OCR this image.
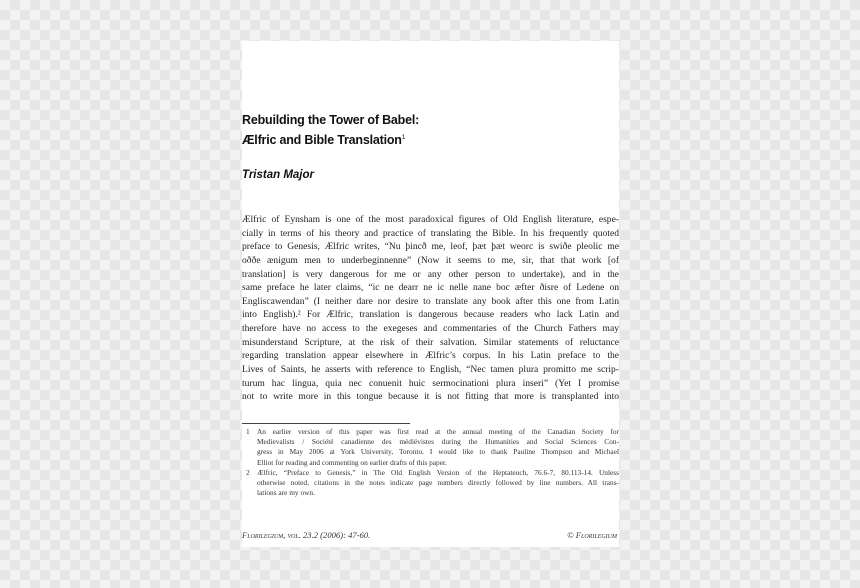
Rebuilding the Tower of Babel:
Ælfric and Bible Translation$^1$
Tristan Major
Ælfric of Eynsham is one of the most paradoxical figures of Old English literature, espe-
cially in terms of his theory and practice of translating the Bible. In his frequently quoted
preface to Genesis, Ælfric writes, “Nu þincð me, leof, þæt þæt weorc is swiðe pleolic me
oððe ænigum men to underbeginnenne” (Now it seems to me, sir, that that work [of
translation] is very dangerous for me or any other person to undertake), and in the
same preface he later claims, “ic ne dearr ne ic nelle nane boc æfter ðisre of Ledene on
Engliscawendan” (I neither dare nor desire to translate any book after this one from Latin
into English).² For Ælfric, translation is dangerous because readers who lack Latin and
therefore have no access to the exegeses and commentaries of the Church Fathers may
misunderstand Scripture, at the risk of their salvation. Similar statements of reluctance
regarding translation appear elsewhere in Ælfric’s corpus. In his Latin preface to the
Lives of Saints, he asserts with reference to English, “Nec tamen plura promitto me scrip-
turum hac lingua, quia nec conuenit huic sermocinationi plura inseri” (Yet I promise
not to write more in this tongue because it is not fitting that more is transplanted into
1 An earlier version of this paper was first read at the annual meeting of the Canadian Society for
Medievalists / Société canadienne des médiévistes during the Humanities and Social Sciences Con-
gress in May 2006 at York University, Toronto. I would like to thank Pauline Thompson and Michael
Elliot for reading and commenting on earlier drafts of this paper.
2 Ælfric, “Preface to Genesis,” in The Old English Version of the Heptateuch, 76.6-7, 80.113-14. Unless
otherwise noted, citations in the notes indicate page numbers directly followed by line numbers. All trans-
lations are my own.
Florilegium, vol. 23.2 (2006): 47-60.	© Florilegium
